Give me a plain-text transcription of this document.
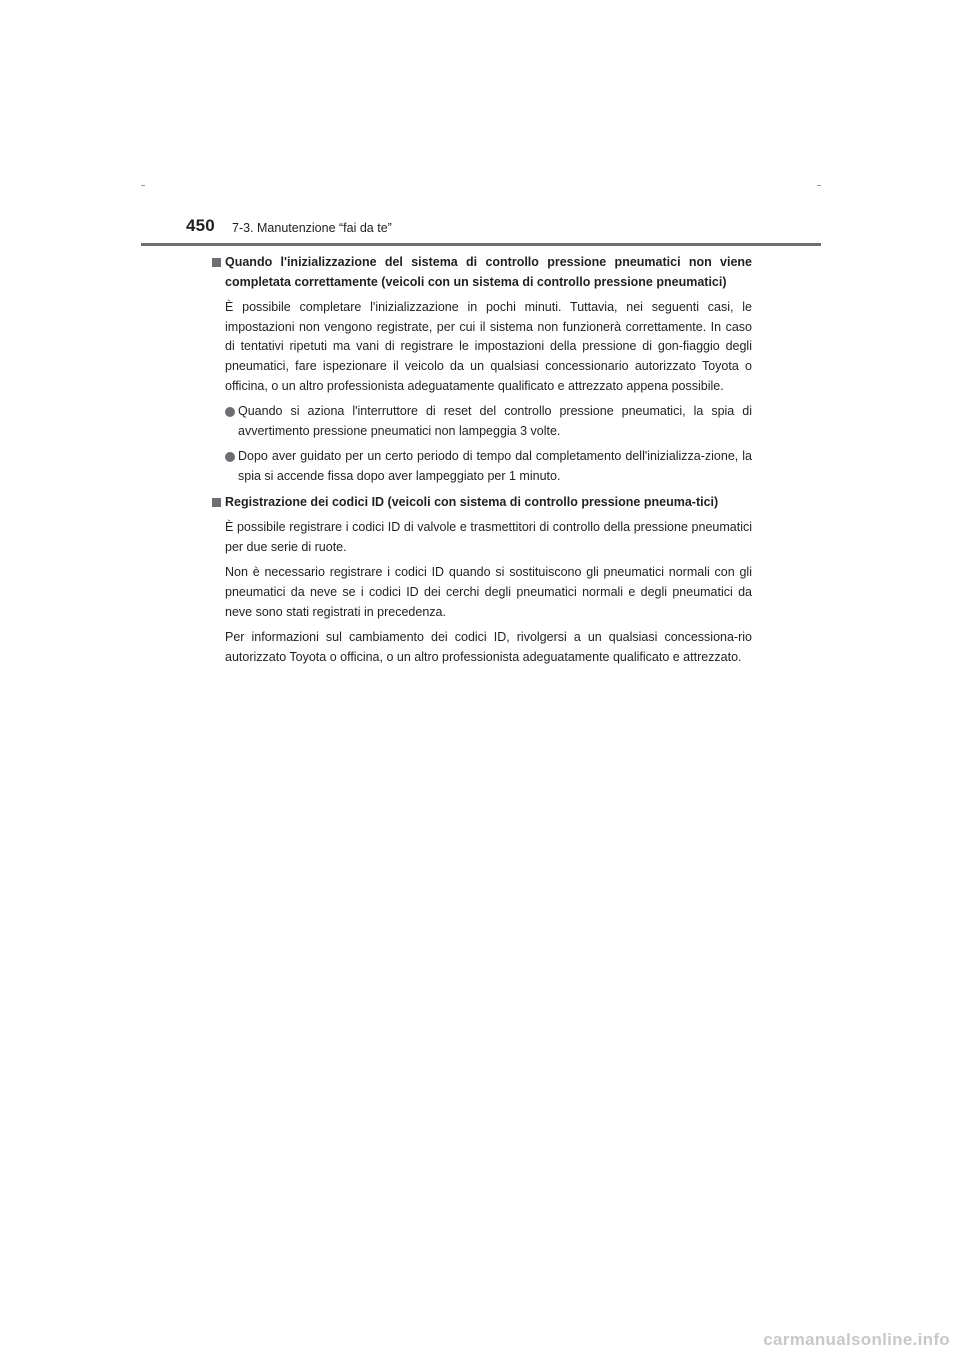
450 7-3. Manutenzione “fai da te”
Quando l'inizializzazione del sistema di controllo pressione pneumatici non viene completata correttamente (veicoli con un sistema di controllo pressione pneumatici)

È possibile completare l'inizializzazione in pochi minuti. Tuttavia, nei seguenti casi, le impostazioni non vengono registrate, per cui il sistema non funzionerà correttamente. In caso di tentativi ripetuti ma vani di registrare le impostazioni della pressione di gon-fiaggio degli pneumatici, fare ispezionare il veicolo da un qualsiasi concessionario autorizzato Toyota o officina, o un altro professionista adeguatamente qualificato e attrezzato appena possibile.

Quando si aziona l'interruttore di reset del controllo pressione pneumatici, la spia di avvertimento pressione pneumatici non lampeggia 3 volte.
Dopo aver guidato per un certo periodo di tempo dal completamento dell'inizializza-zione, la spia si accende fissa dopo aver lampeggiato per 1 minuto.
Registrazione dei codici ID (veicoli con sistema di controllo pressione pneuma-tici)

È possibile registrare i codici ID di valvole e trasmettitori di controllo della pressione pneumatici per due serie di ruote.

Non è necessario registrare i codici ID quando si sostituiscono gli pneumatici normali con gli pneumatici da neve se i codici ID dei cerchi degli pneumatici normali e degli pneumatici da neve sono stati registrati in precedenza.

Per informazioni sul cambiamento dei codici ID, rivolgersi a un qualsiasi concessiona-rio autorizzato Toyota o officina, o un altro professionista adeguatamente qualificato e attrezzato.

carmanualsonline.info
